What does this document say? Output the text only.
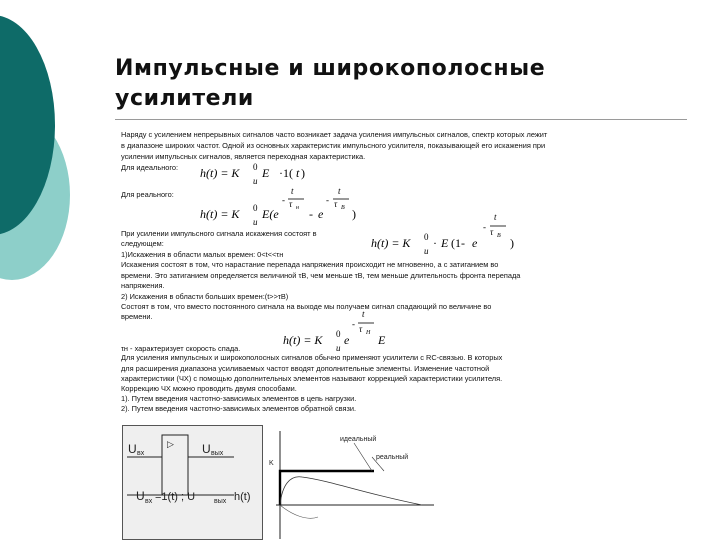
Импульсные и широкополосные усилители
Наряду с усилением непрерывных сигналов часто возникает задача усиления импульсных сигналов, спектр которых лежит
в диапазоне широких частот. Одной из основных характеристик импульсного усилителя, показывающей его искажения при
усилении импульсных сигналов, является переходная характеристика.
Для идеального: h(t) = K
u
0 E ·1( t )
Для реального:
h(t) = K
u
0 E(e
-
t
τ н - e
-
t
τ В )
При усилении импульсного сигнала искажения состоят в
следующем:	h(t) = K
u
0 · E (1- e
-
t
τ В )
1)Искажения в области малых времен: 0<t<<τн
Искажения состоят в том, что нарастание перепада напряжения происходит не мгновенно, а с затиганием во
времени. Это затиганием определяется величиной τВ, чем меньше τВ, тем меньше длительность фронта перепада
напряжения.
2) Искажения в области больших времен:(t>>τВ)
Состоят в том, что вместо постоянного сигнала на выходе мы получаем сигнал спадающий по величине во
времени.
h(t) = K
u
0 e
-
t
τ Н E
τн - характеризует скорость спада.
Для усиления импульсных и широкополосных сигналов обычно применяют усилители с RC-связью. В которых
для расширения диапазона усиливаемых частот вводят дополнительные элементы. Изменение частотной
характеристики (ЧХ) с помощью дополнительных элементов называют коррекцией характеристики усилителя.
Коррекцию ЧХ можно проводить двумя способами.
1). Путем введения частотно-зависимых элементов в цепь нагрузки.
2). Путем введения частотно-зависимых элементов обратной связи.
▷
U вх	U вых
U вх =1(t) ; U	вых h(t)
K
идеальный
реальный
